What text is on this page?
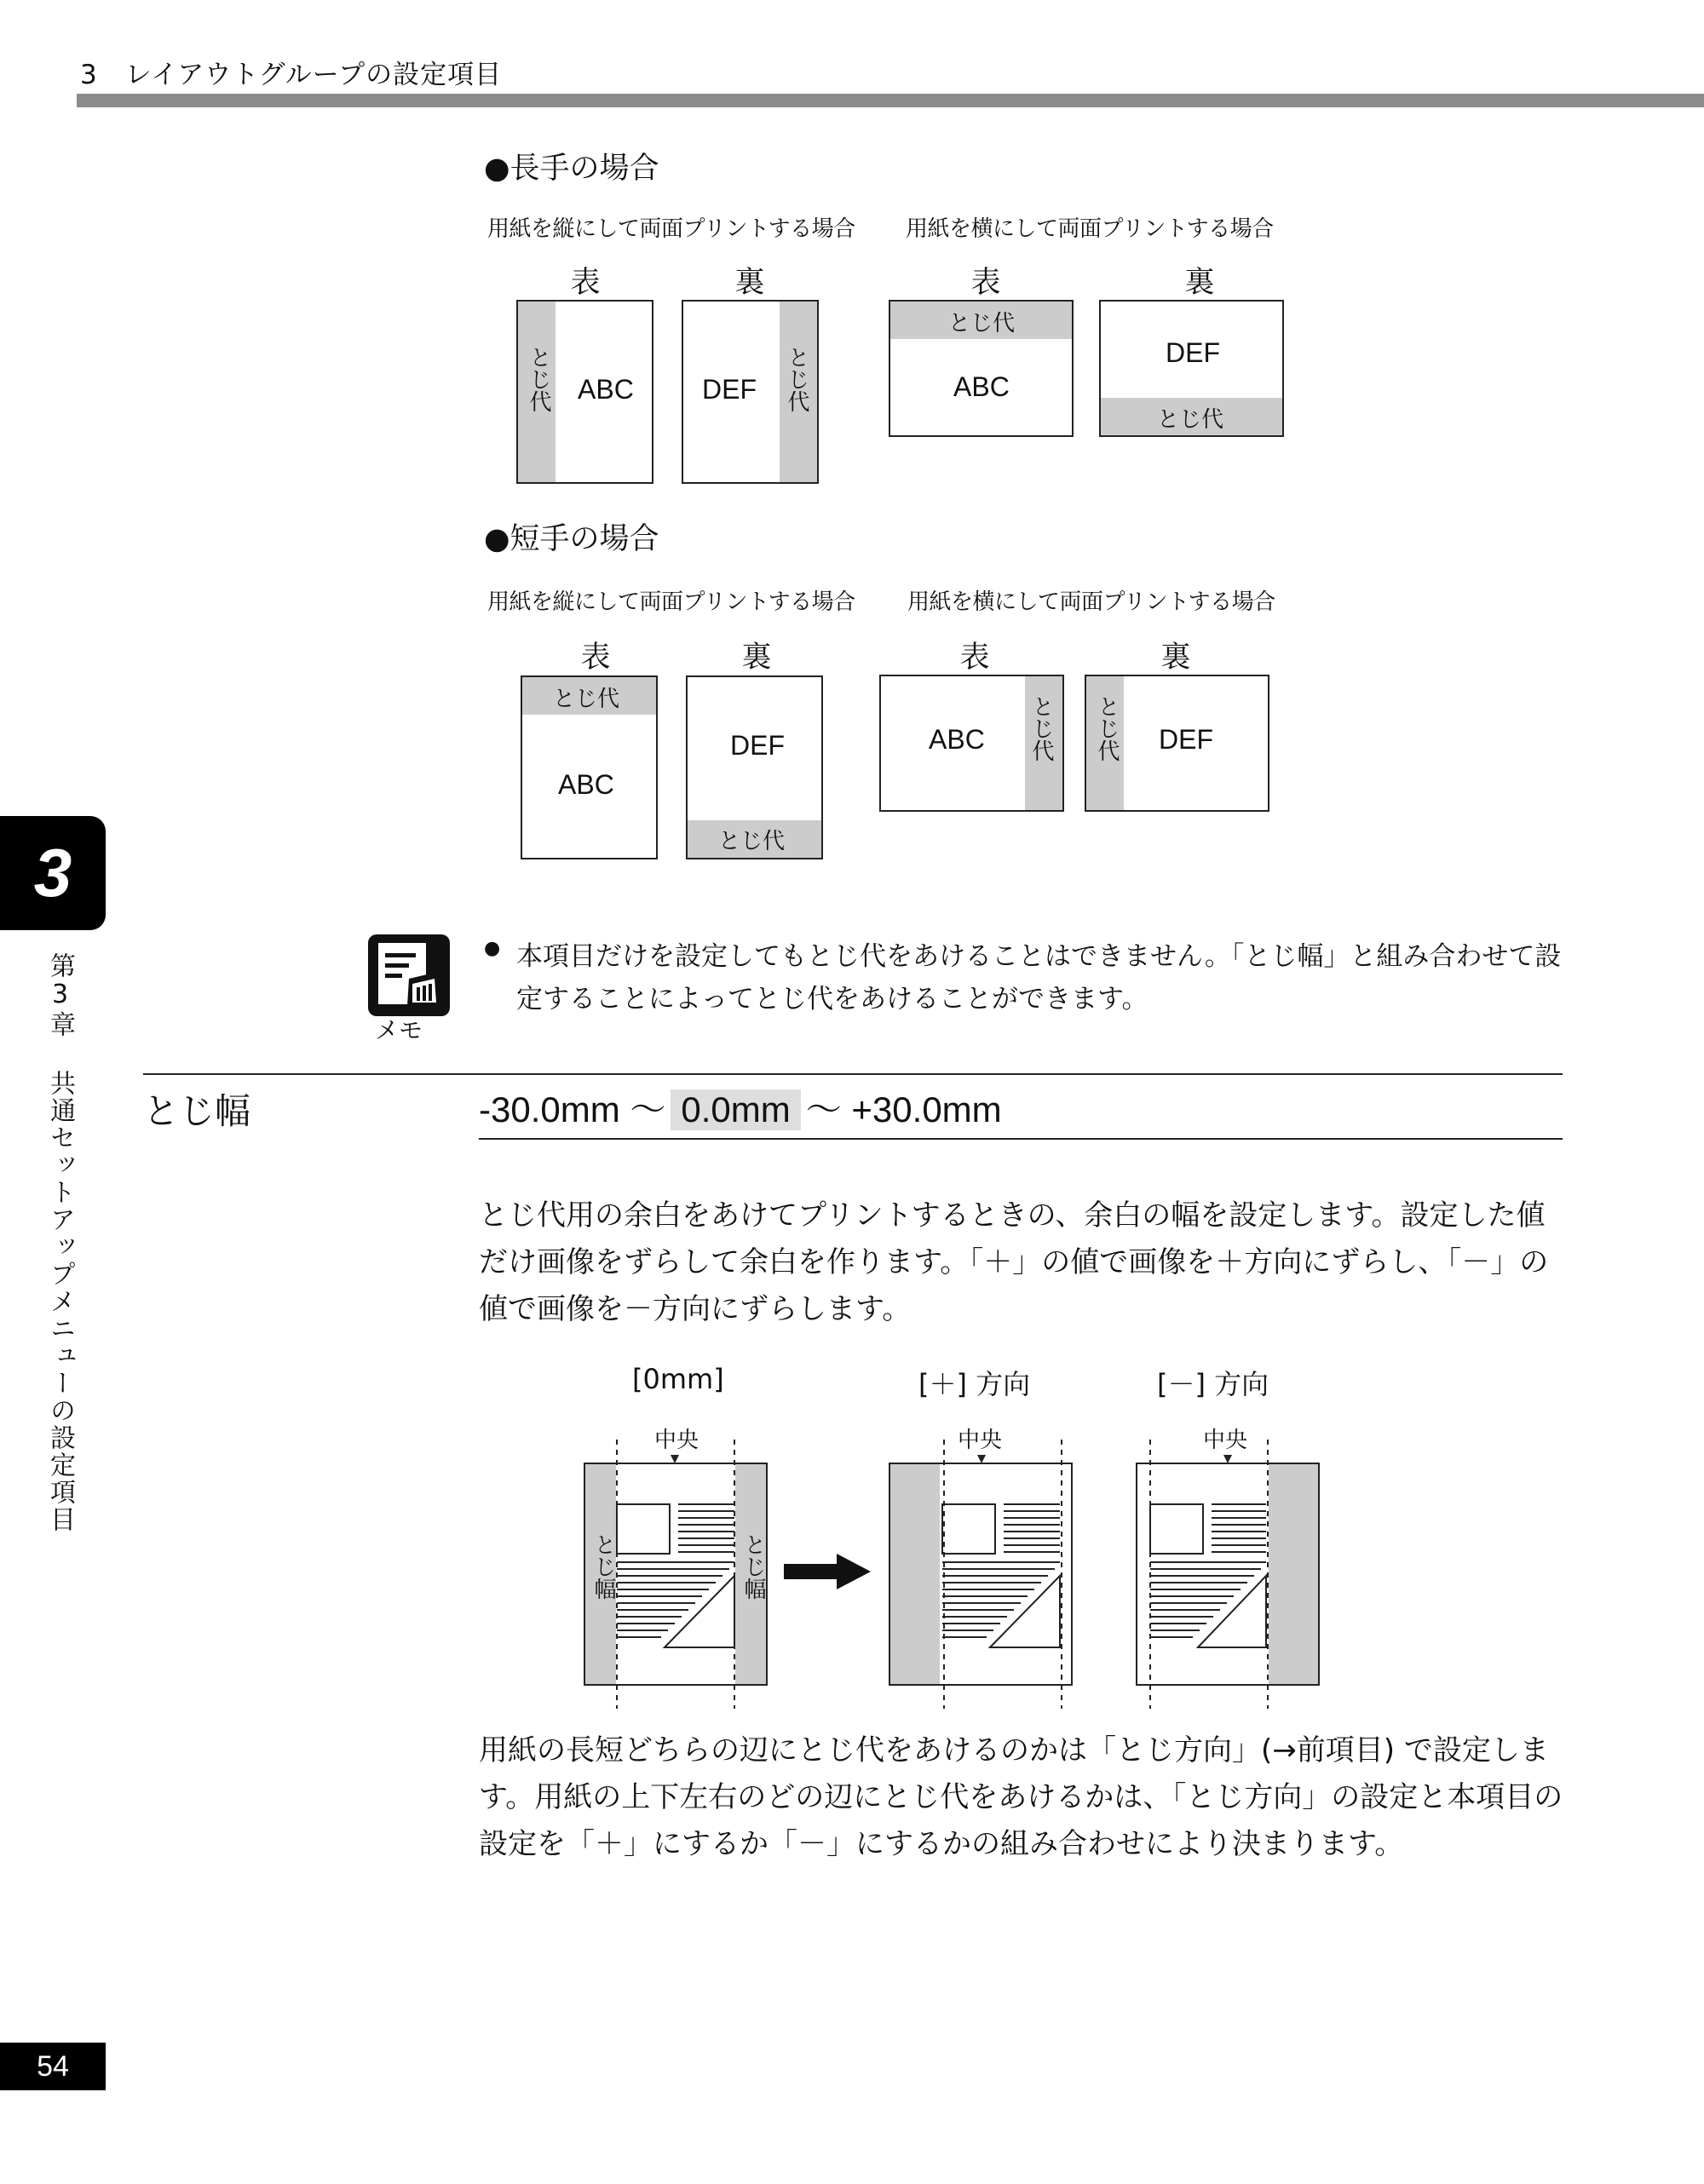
3　レイアウトグループの設定項目
●長手の場合
用紙を縦にして両面プリントする場合 用紙を横にして両面プリントする場合
表	裏	表	裏
とじ代 ABC	とじ代
DEF
とじ代
ABC
とじ代
DEF
●短手の場合
用紙を縦にして両面プリントする場合 用紙を横にして両面プリントする場合
表	裏	表	裏
とじ代
ABC
とじ代
DEF	とじ代
ABC	とじ代 DEF
3
第3章 共通セットアップメニューの設定項目	メモ
● 本項目だけを設定してもとじ代をあけることはできません。「とじ幅」と組み合わせて設定することによってとじ代をあけることができます。
とじ幅	-30.0mm ～ 0.0mm ～ +30.0mm
とじ代用の余白をあけてプリントするときの、余白の幅を設定します。設定した値だけ画像をずらして余白を作ります。「＋」の値で画像を＋方向にずらし、「－」の値で画像を－方向にずらします。
[0mm]	[＋] 方向	[－] 方向
中央	中央	中央
とじ幅	とじ幅
用紙の長短どちらの辺にとじ代をあけるのかは「とじ方向」(→前項目) で設定します。用紙の上下左右のどの辺にとじ代をあけるかは、「とじ方向」の設定と本項目の設定を「＋」にするか「－」にするかの組み合わせにより決まります。
54
